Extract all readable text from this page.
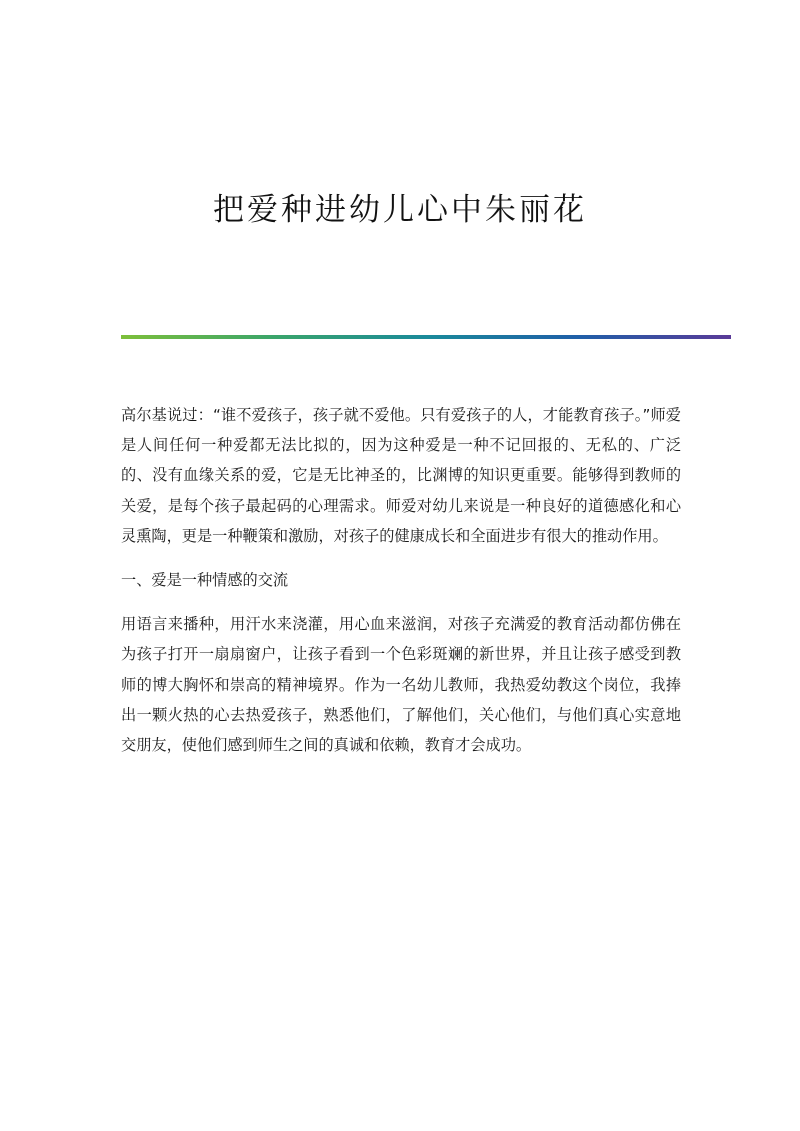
把爱种进幼儿心中朱丽花

高尔基说过：“谁不爱孩子，孩子就不爱他。只有爱孩子的人，才能教育孩子。”师爱是人间任何一种爱都无法比拟的，因为这种爱是一种不记回报的、无私的、广泛的、没有血缘关系的爱，它是无比神圣的，比渊博的知识更重要。能够得到教师的关爱，是每个孩子最起码的心理需求。师爱对幼儿来说是一种良好的道德感化和心灵熏陶，更是一种鞭策和激励，对孩子的健康成长和全面进步有很大的推动作用。

一、爱是一种情感的交流

用语言来播种，用汗水来浇灌，用心血来滋润，对孩子充满爱的教育活动都仿佛在为孩子打开一扇扇窗户，让孩子看到一个色彩斑斓的新世界，并且让孩子感受到教师的博大胸怀和崇高的精神境界。作为一名幼儿教师，我热爱幼教这个岗位，我捧出一颗火热的心去热爱孩子，熟悉他们，了解他们，关心他们，与他们真心实意地交朋友，使他们感到师生之间的真诚和依赖，教育才会成功。
